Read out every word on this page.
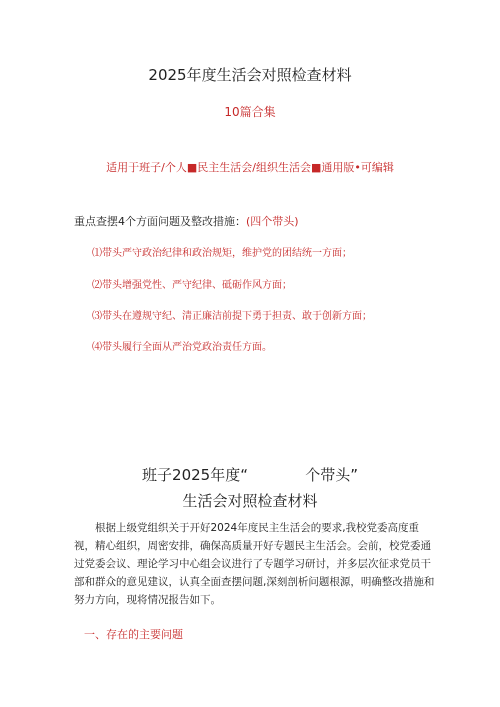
2025年度生活会对照检查材料
10篇合集
适用于班子/个人■民主生活会/组织生活会■通用版•可编辑
重点查摆4个方面问题及整改措施：(四个带头)
⑴带头严守政治纪律和政治规矩，维护党的团结统一方面；
⑵带头增强党性、严守纪律、砥砺作风方面；
⑶带头在遵规守纪、清正廉洁前提下勇于担责、敢于创新方面；
⑷带头履行全面从严治党政治责任方面。
班子2025年度“            个带头”
生活会对照检查材料
根据上级党组织关于开好2024年度民主生活会的要求,我校党委高度重视，精心组织，周密安排，确保高质量开好专题民主生活会。会前，校党委通过党委会议、理论学习中心组会议进行了专题学习研讨，并多层次征求党员干部和群众的意见建议，认真全面查摆问题,深刻剖析问题根源，明确整改措施和努力方向，现将情况报告如下。
一、存在的主要问题
